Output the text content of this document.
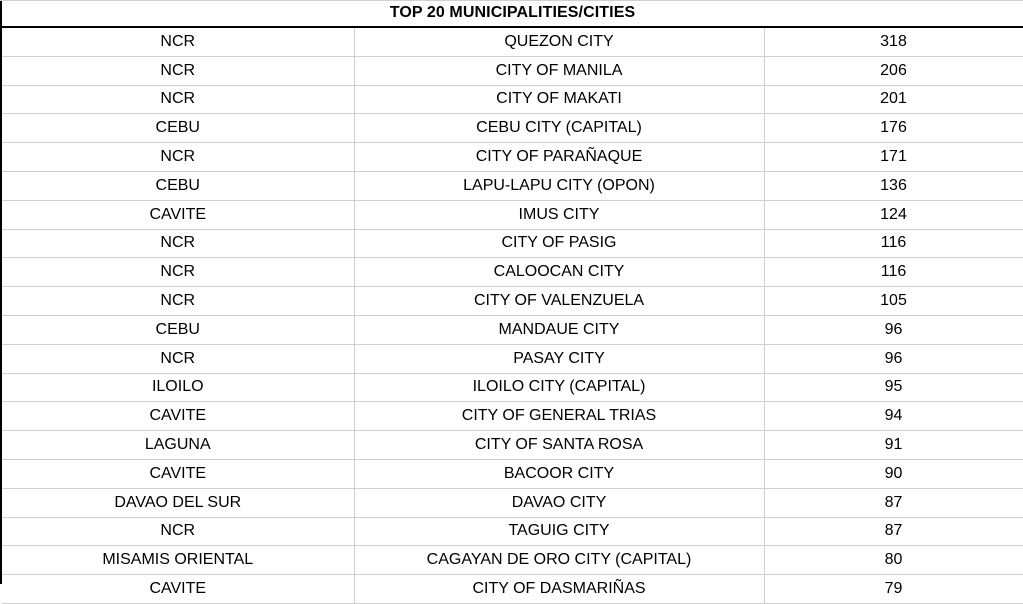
TOP 20 MUNICIPALITIES/CITIES
NCR	QUEZON CITY	318
NCR	CITY OF MANILA	206
NCR	CITY OF MAKATI	201
CEBU	CEBU CITY (CAPITAL)	176
NCR	CITY OF PARAÑAQUE	171
CEBU	LAPU-LAPU CITY (OPON)	136
CAVITE	IMUS CITY	124
NCR	CITY OF PASIG	116
NCR	CALOOCAN CITY	116
NCR	CITY OF VALENZUELA	105
CEBU	MANDAUE CITY	96
NCR	PASAY CITY	96
ILOILO	ILOILO CITY (CAPITAL)	95
CAVITE	CITY OF GENERAL TRIAS	94
LAGUNA	CITY OF SANTA ROSA	91
CAVITE	BACOOR CITY	90
DAVAO DEL SUR	DAVAO CITY	87
NCR	TAGUIG CITY	87
MISAMIS ORIENTAL	CAGAYAN DE ORO CITY (CAPITAL)	80
CAVITE	CITY OF DASMARIÑAS	79
